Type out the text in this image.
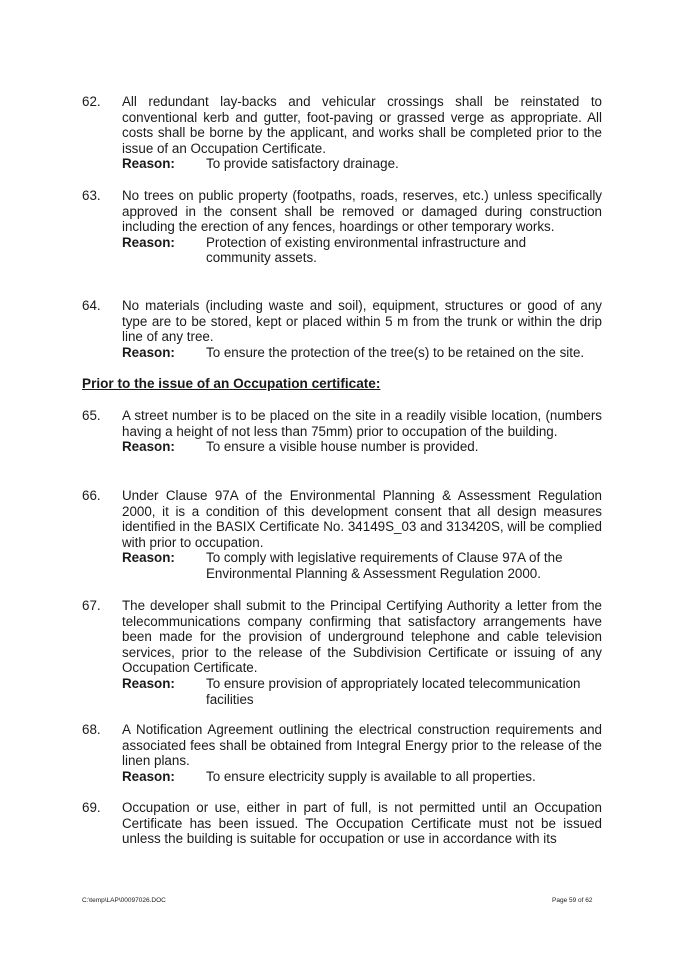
62.	All redundant lay-backs and vehicular crossings shall be reinstated to conventional kerb and gutter, foot-paving or grassed verge as appropriate. All costs shall be borne by the applicant, and works shall be completed prior to the issue of an Occupation Certificate.
Reason:	To provide satisfactory drainage.
63.	No trees on public property (footpaths, roads, reserves, etc.) unless specifically approved in the consent shall be removed or damaged during construction including the erection of any fences, hoardings or other temporary works.
Reason:	Protection of existing environmental infrastructure and community assets.
64.	No materials (including waste and soil), equipment, structures or good of any type are to be stored, kept or placed within 5 m from the trunk or within the drip line of any tree.
Reason:	To ensure the protection of the tree(s) to be retained on the site.
Prior to the issue of an Occupation certificate:
65.	A street number is to be placed on the site in a readily visible location, (numbers having a height of not less than 75mm) prior to occupation of the building.
Reason:	To ensure a visible house number is provided.
66.	Under Clause 97A of the Environmental Planning & Assessment Regulation 2000, it is a condition of this development consent that all design measures identified in the BASIX Certificate No. 34149S_03 and 313420S, will be complied with prior to occupation.
Reason:	To comply with legislative requirements of Clause 97A of the Environmental Planning & Assessment Regulation 2000.
67.	The developer shall submit to the Principal Certifying Authority a letter from the telecommunications company confirming that satisfactory arrangements have been made for the provision of underground telephone and cable television services, prior to the release of the Subdivision Certificate or issuing of any Occupation Certificate.
Reason:	To ensure provision of appropriately located telecommunication facilities
68.	A Notification Agreement outlining the electrical construction requirements and associated fees shall be obtained from Integral Energy prior to the release of the linen plans.
Reason:	To ensure electricity supply is available to all properties.
69.	Occupation or use, either in part of full, is not permitted until an Occupation Certificate has been issued. The Occupation Certificate must not be issued unless the building is suitable for occupation or use in accordance with its
C:\temp\LAP\00097026.DOC	Page 59 of 62
